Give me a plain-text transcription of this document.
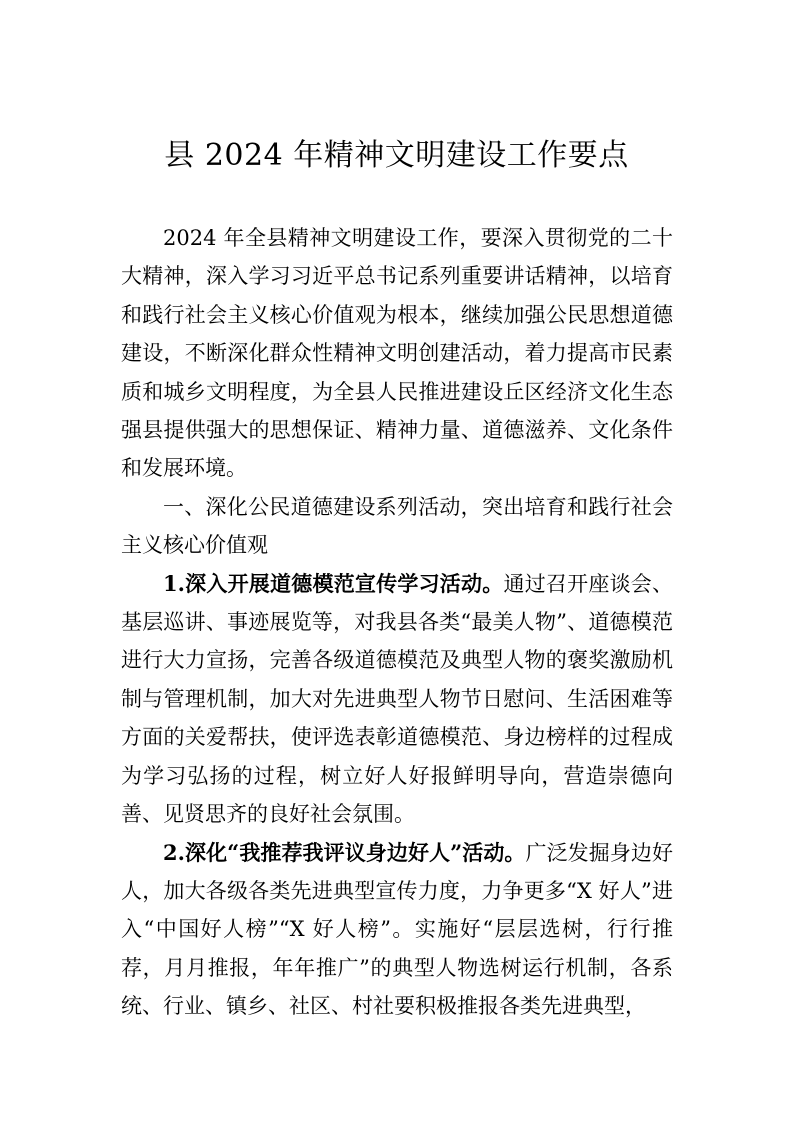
县 2024 年精神文明建设工作要点

2024 年全县精神文明建设工作，要深入贯彻党的二十大精神，深入学习习近平总书记系列重要讲话精神，以培育和践行社会主义核心价值观为根本，继续加强公民思想道德建设，不断深化群众性精神文明创建活动，着力提高市民素质和城乡文明程度，为全县人民推进建设丘区经济文化生态强县提供强大的思想保证、精神力量、道德滋养、文化条件和发展环境。

一、深化公民道德建设系列活动，突出培育和践行社会主义核心价值观

1.深入开展道德模范宣传学习活动。通过召开座谈会、基层巡讲、事迹展览等，对我县各类“最美人物”、道德模范进行大力宣扬，完善各级道德模范及典型人物的褒奖激励机制与管理机制，加大对先进典型人物节日慰问、生活困难等方面的关爱帮扶，使评选表彰道德模范、身边榜样的过程成为学习弘扬的过程，树立好人好报鲜明导向，营造崇德向善、见贤思齐的良好社会氛围。

2.深化“我推荐我评议身边好人”活动。广泛发掘身边好人，加大各级各类先进典型宣传力度，力争更多“X 好人”进入“中国好人榜”“X 好人榜”。实施好“层层选树，行行推荐，月月推报，年年推广”的典型人物选树运行机制，各系统、行业、镇乡、社区、村社要积极推报各类先进典型，
